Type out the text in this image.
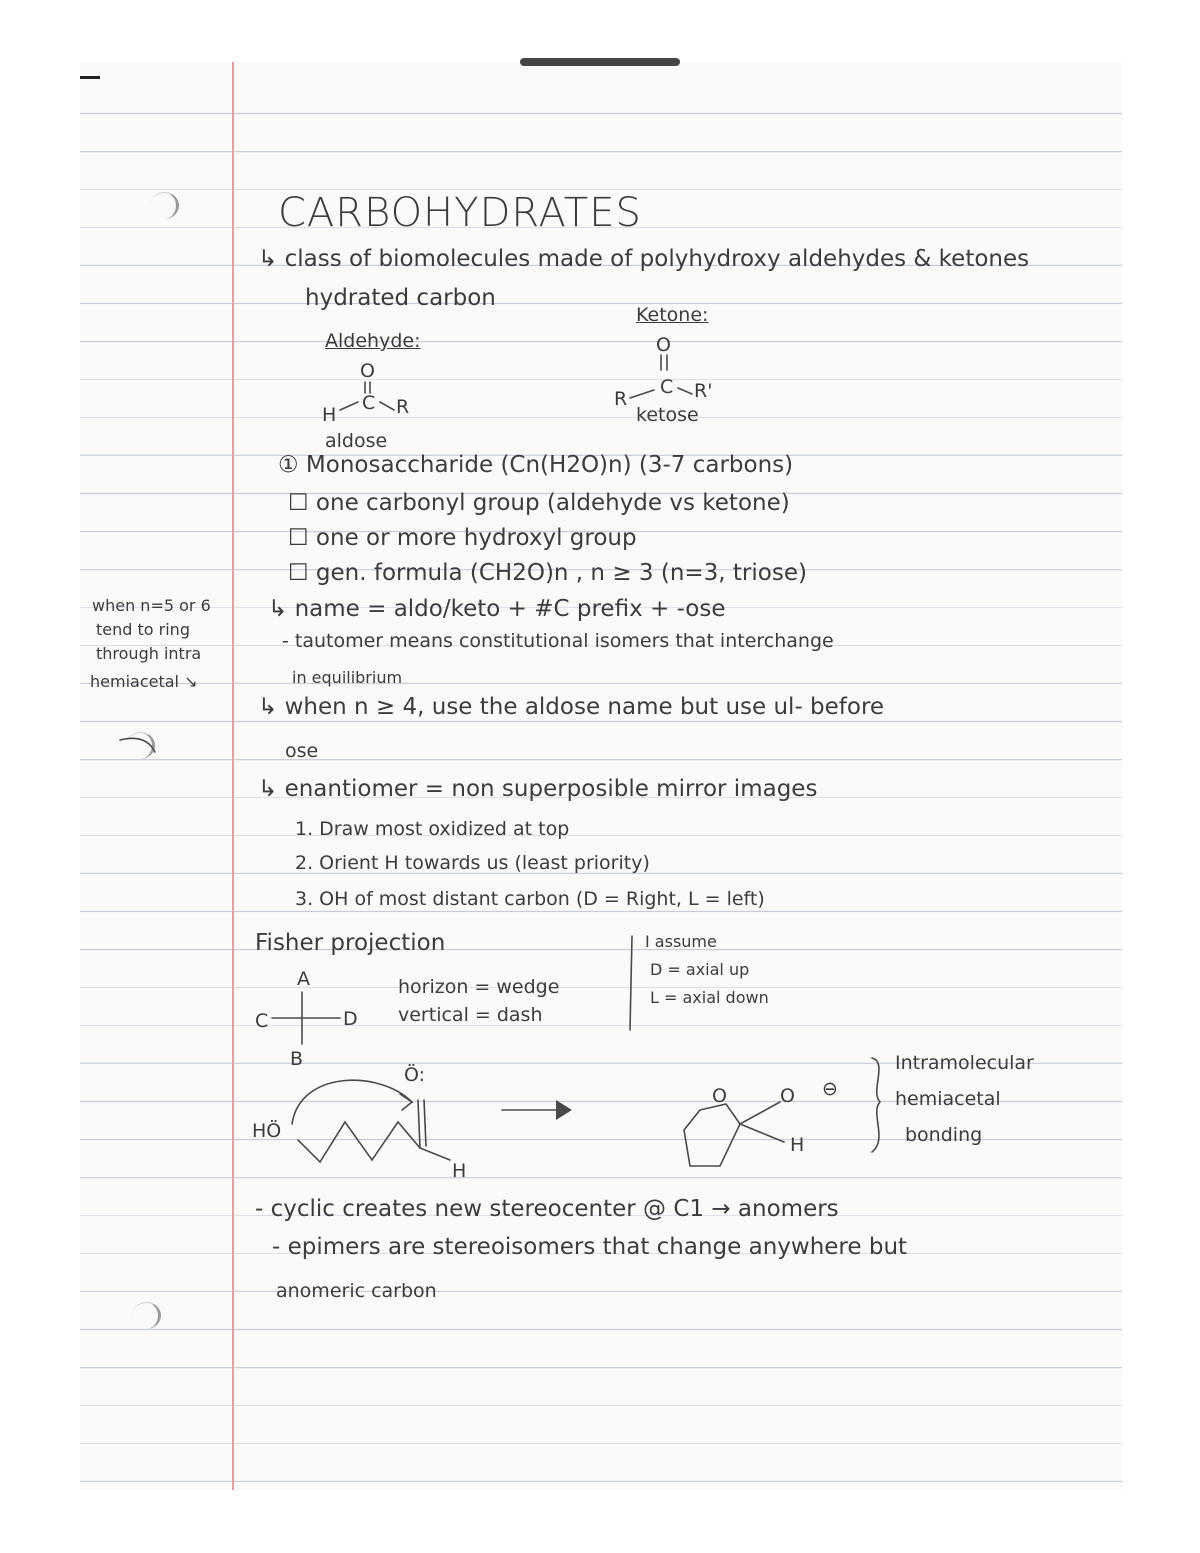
CARBOHYDRATES
↳ class of biomolecules made of polyhydroxy aldehydes & ketones
hydrated carbon
Aldehyde:
O
H
C R
aldose
Ketone:
O
R
C R'
ketose
when n=5 or 6
tend to ring
through intra
hemiacetal ↘
① Monosaccharide (Cn(H2O)n) (3-7 carbons)
☐ one carbonyl group (aldehyde vs ketone)
☐ one or more hydroxyl group
☐ gen. formula (CH2O)n , n ≥ 3 (n=3, triose)
↳ name = aldo/keto + #C prefix + -ose
- tautomer means constitutional isomers that interchange
in equilibrium
↳ when n ≥ 4, use the aldose name but use ul- before
ose
↳ enantiomer = non superposible mirror images
1. Draw most oxidized at top
2. Orient H towards us (least priority)
3. OH of most distant carbon (D = Right, L = left)
Fisher projection
A
C	D
B
horizon = wedge
vertical = dash
I assume
D = axial up
L = axial down
HÖ
Ö:
H
O	O ⊖
H
Intramolecular
hemiacetal
bonding
- cyclic creates new stereocenter @ C1 → anomers
- epimers are stereoisomers that change anywhere but
anomeric carbon
